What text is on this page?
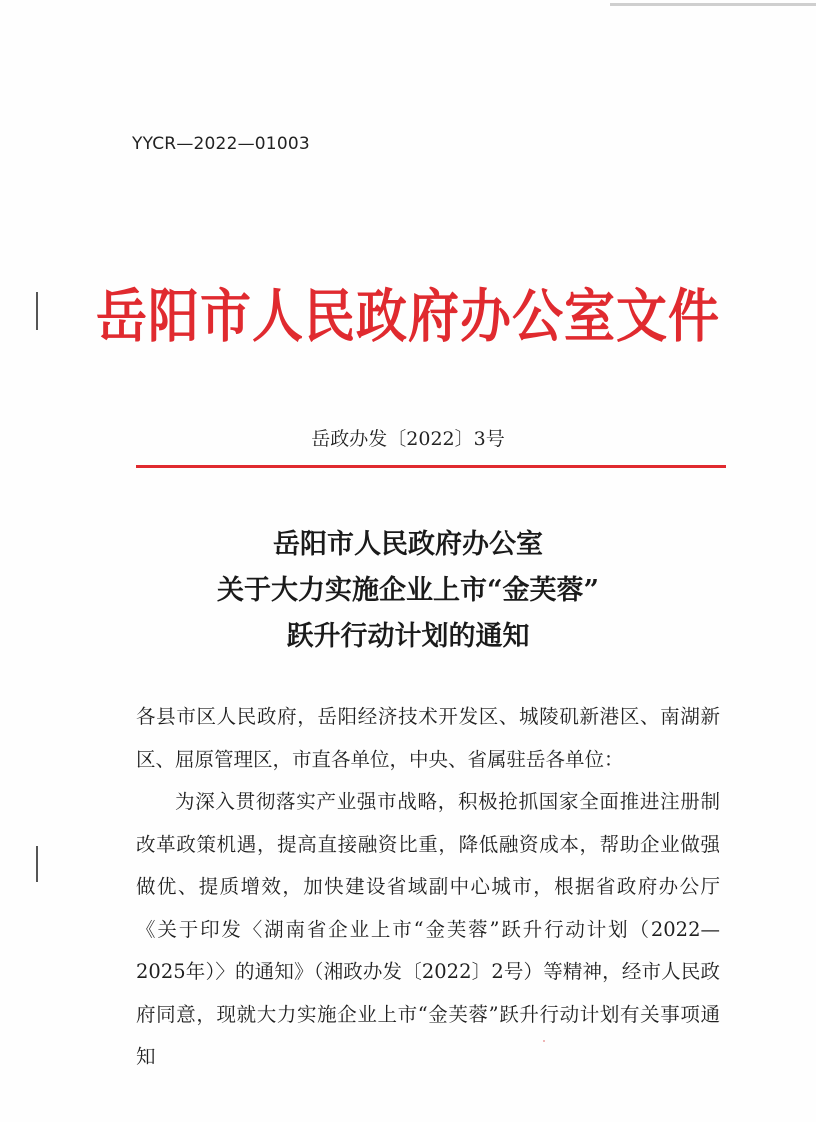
YYCR—2022—01003
岳阳市人民政府办公室文件
岳政办发〔2022〕3号
岳阳市人民政府办公室
关于大力实施企业上市“金芙蓉”
跃升行动计划的通知

各县市区人民政府，岳阳经济技术开发区、城陵矶新港区、南湖新区、屈原管理区，市直各单位，中央、省属驻岳各单位：

为深入贯彻落实产业强市战略，积极抢抓国家全面推进注册制改革政策机遇，提高直接融资比重，降低融资成本，帮助企业做强做优、提质增效，加快建设省域副中心城市，根据省政府办公厅《关于印发〈湖南省企业上市“金芙蓉”跃升行动计划（2022—2025年）〉的通知》（湘政办发〔2022〕2号）等精神，经市人民政府同意，现就大力实施企业上市“金芙蓉”跃升行动计划有关事项通知
